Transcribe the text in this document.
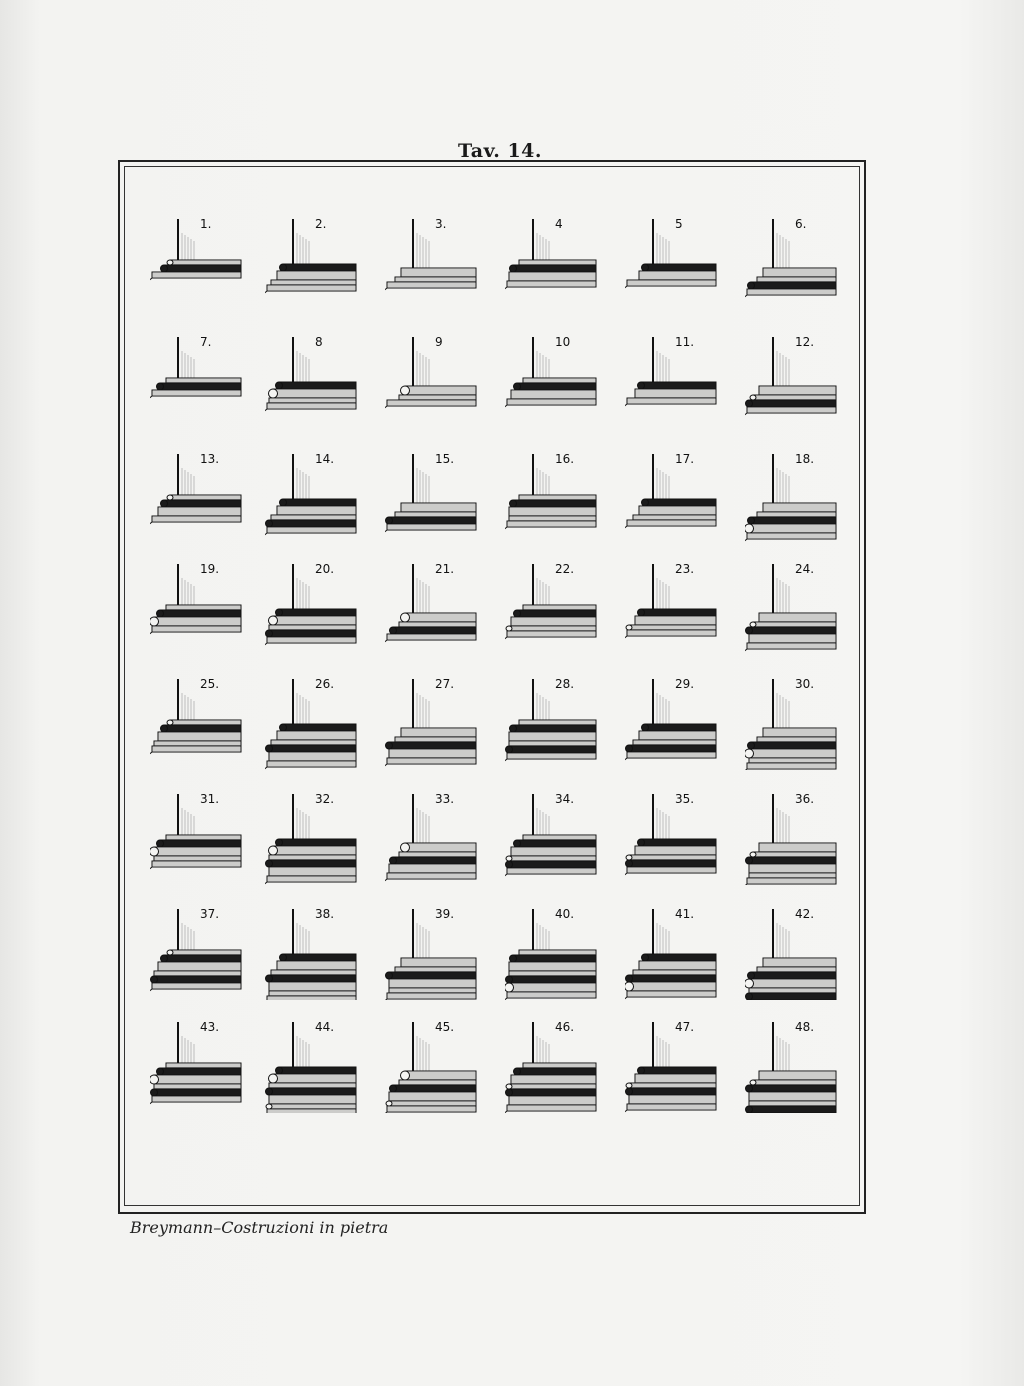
Tav. 14.
1.	2.	3.	4	5	6.
7.	8	9	10	11.	12.
13.	14.	15.	16.	17.	18.
19.	20.	21.	22.	23.	24.
25.	26.	27.	28.	29.	30.
31.	32.	33.	34.	35.	36.
37.	38.	39.	40.	41.	42.
43.	44.	45.	46.	47.	48.
Breymann–Costruzioni in pietra
